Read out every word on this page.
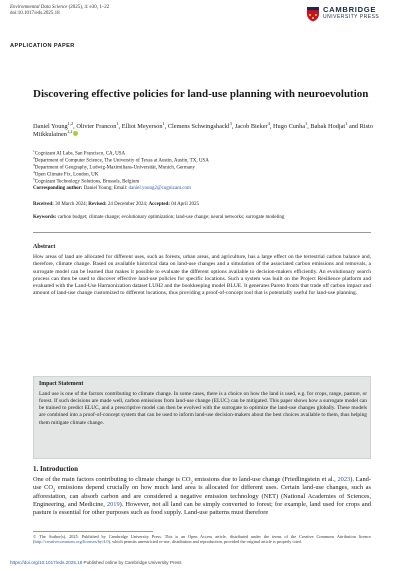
Environmental Data Science (2025), 4: e30, 1–22
doi:10.1017/eds.2025.18	CAMBRIDGE
UNIVERSITY PRESS
APPLICATION PAPER
Discovering effective policies for land-use planning with neuroevolution
Daniel Young$^{1,2}$, Olivier Francon$^1$, Elliot Meyerson$^1$, Clemens Schwingshackl$^3$, Jacob Bieker$^4$, Hugo Cunha$^1$, Babak Hodjat$^1$ and Risto Miikkulainen$^{1,2}$
$^1$Cognizant AI Labs, San Francisco, CA, USA
$^2$Department of Computer Science, The University of Texas at Austin, Austin, TX, USA
$^3$Department of Geography, Ludwig-Maximilians-Universität, Munich, Germany
$^4$Open Climate Fix, London, UK
$^5$Cognizant Technology Solutions, Brussels, Belgium
Corresponding author: Daniel Young; Email: daniel.young2@cognizant.com
Received: 30 March 2024; Revised: 24 December 2024; Accepted: 04 April 2025
Keywords: carbon budget; climate change; evolutionary optimization; land-use change; neural networks; surrogate modeling
Abstract
How areas of land are allocated for different uses, such as forests, urban areas, and agriculture, has a large effect on the terrestrial carbon balance and, therefore, climate change. Based on available historical data on land-use changes and a simulation of the associated carbon emissions and removals, a surrogate model can be learned that makes it possible to evaluate the different options available to decision-makers efficiently. An evolutionary search process can then be used to discover effective land-use policies for specific locations. Such a system was built on the Project Resilience platform and evaluated with the Land-Use Harmonization dataset LUH2 and the bookkeeping model BLUE. It generates Pareto fronts that trade off carbon impact and amount of land-use change customized to different locations, thus providing a proof-of-concept tool that is potentially useful for land-use planning.
Impact Statement
Land use is one of the factors contributing to climate change. In some cases, there is a choice on how the land is used, e.g. for crops, range, pasture, or forest. If such decisions are made well, carbon emissions from land-use change (ELUC) can be mitigated. This paper shows how a surrogate model can be trained to predict ELUC, and a prescriptive model can then be evolved with the surrogate to optimize the land-use changes globally. These models are combined into a proof-of-concept system that can be used to inform land-use decision-makers about the best choices available to them, thus helping them mitigate climate change.
1. Introduction
One of the main factors contributing to climate change is $CO_2$ emissions due to land-use change (Friedlingstein et al., 2023). Land-use $CO_2$ emissions depend crucially on how much land area is allocated for different uses. Certain land-use changes, such as afforestation, can absorb carbon and are considered a negative emission technology (NET) (National Academies of Sciences, Engineering, and Medicine, 2019). However, not all land can be simply converted to forest; for example, land used for crops and pasture is essential for other purposes such as food supply. Land-use patterns must therefore
© The Author(s), 2025. Published by Cambridge University Press. This is an Open Access article, distributed under the terms of the Creative Commons Attribution licence (http://creativecommons.org/licenses/by/4.0), which permits unrestricted re-use, distribution and reproduction, provided the original article is properly cited.
https://doi.org/10.1017/eds.2025.18 Published online by Cambridge University Press
